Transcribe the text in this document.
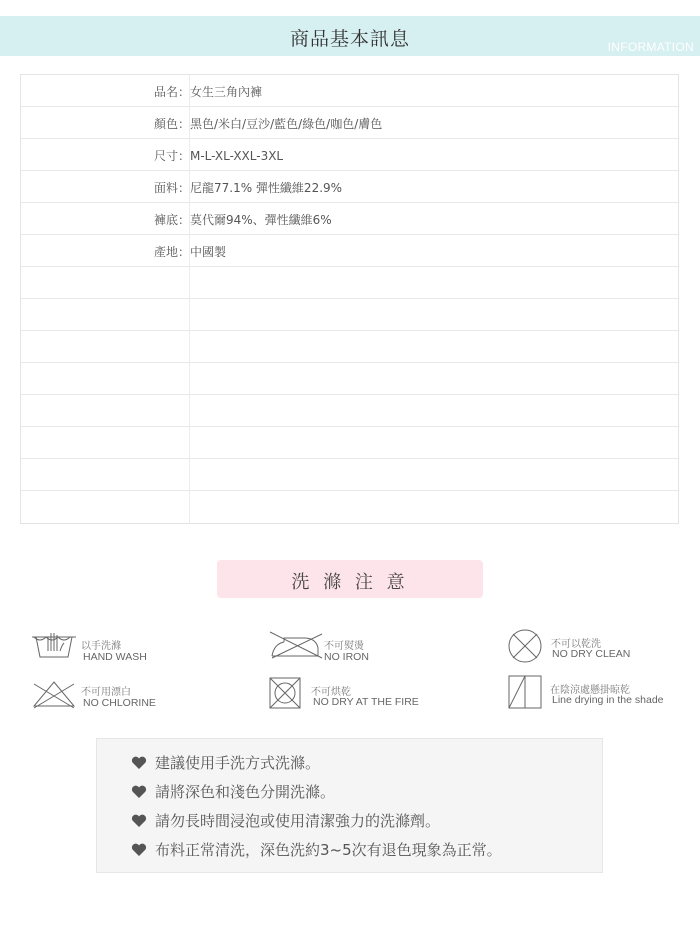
商品基本訊息	INFORMATION
品名：女生三角內褲
顏色：黑色/米白/豆沙/藍色/綠色/咖色/膚色
尺寸：M-L-XL-XXL-3XL
面料：尼龍77.1% 彈性纖維22.9%
褲底：莫代爾94%、彈性纖維6%
產地：中國製
洗 滌 注 意
以手洗滌
HAND WASH
不可熨燙
NO IRON
不可以乾洗
NO DRY CLEAN
不可用漂白
NO CHLORINE
不可烘乾
NO DRY AT THE FIRE
在陰涼處懸掛晾乾
Line drying in the shade
建議使用手洗方式洗滌。
請將深色和淺色分開洗滌。
請勿長時間浸泡或使用清潔強力的洗滌劑。
布料正常清洗，深色洗約3~5次有退色現象為正常。
